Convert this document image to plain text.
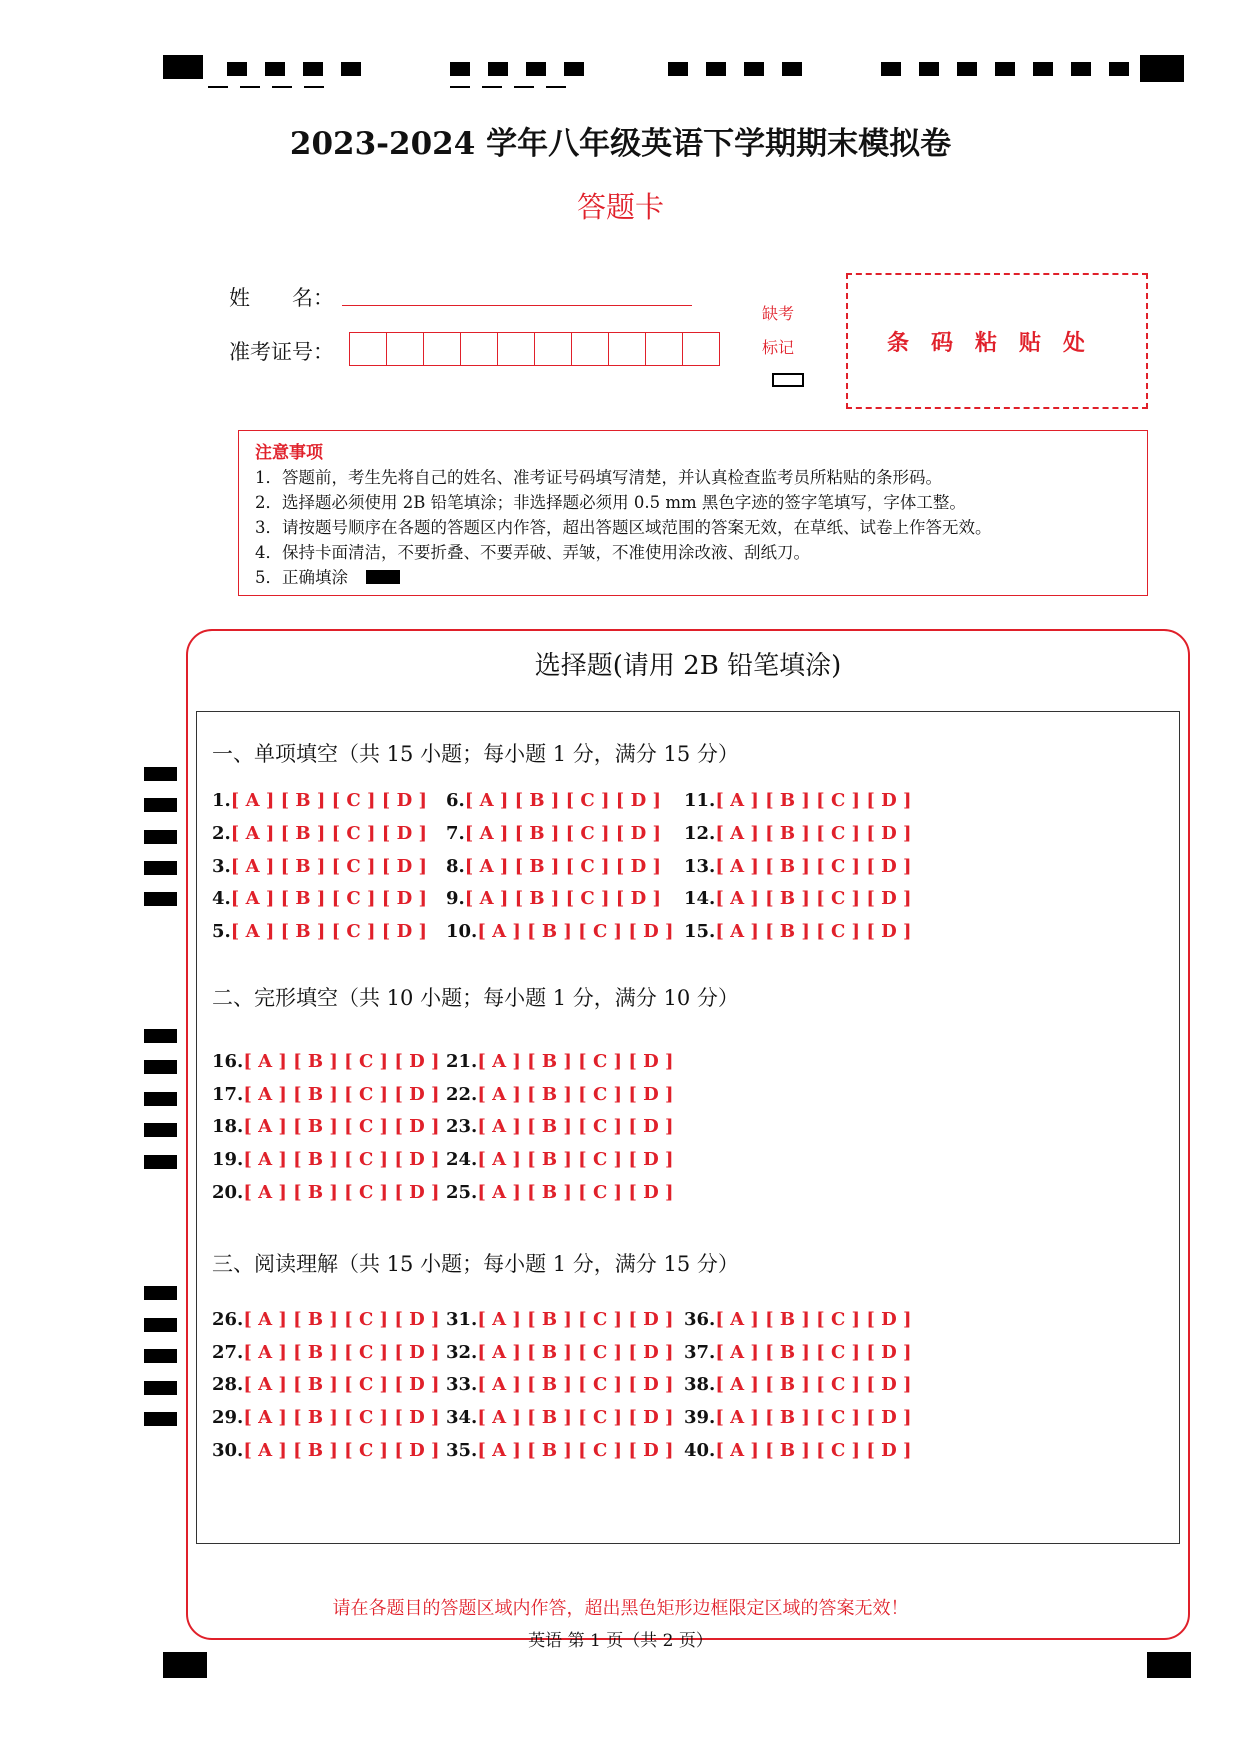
2023-2024 学年八年级英语下学期期末模拟卷
答题卡
姓　　名：
准考证号：
缺考
标记	条码粘贴处
注意事项
1．答题前，考生先将自己的姓名、准考证号码填写清楚，并认真检查监考员所粘贴的条形码。
2．选择题必须使用 2B 铅笔填涂；非选择题必须用 0.5 mm 黑色字迹的签字笔填写，字体工整。
3．请按题号顺序在各题的答题区内作答，超出答题区域范围的答案无效，在草纸、试卷上作答无效。
4．保持卡面清洁，不要折叠、不要弄破、弄皱，不准使用涂改液、刮纸刀。
5．正确填涂
选择题(请用 2B 铅笔填涂)
一、单项填空（共 15 小题；每小题 1 分，满分 15 分）
二、完形填空（共 10 小题；每小题 1 分，满分 10 分）
三、阅读理解（共 15 小题；每小题 1 分，满分 15 分）
1.[ A ] [ B ] [ C ] [ D ]
2.[ A ] [ B ] [ C ] [ D ]
3.[ A ] [ B ] [ C ] [ D ]
4.[ A ] [ B ] [ C ] [ D ]
5.[ A ] [ B ] [ C ] [ D ]
6.[ A ] [ B ] [ C ] [ D ]
7.[ A ] [ B ] [ C ] [ D ]
8.[ A ] [ B ] [ C ] [ D ]
9.[ A ] [ B ] [ C ] [ D ]
10.[ A ] [ B ] [ C ] [ D ]
11.[ A ] [ B ] [ C ] [ D ]
12.[ A ] [ B ] [ C ] [ D ]
13.[ A ] [ B ] [ C ] [ D ]
14.[ A ] [ B ] [ C ] [ D ]
15.[ A ] [ B ] [ C ] [ D ]
16.[ A ] [ B ] [ C ] [ D ]
17.[ A ] [ B ] [ C ] [ D ]
18.[ A ] [ B ] [ C ] [ D ]
19.[ A ] [ B ] [ C ] [ D ]
20.[ A ] [ B ] [ C ] [ D ]
21.[ A ] [ B ] [ C ] [ D ]
22.[ A ] [ B ] [ C ] [ D ]
23.[ A ] [ B ] [ C ] [ D ]
24.[ A ] [ B ] [ C ] [ D ]
25.[ A ] [ B ] [ C ] [ D ]
26.[ A ] [ B ] [ C ] [ D ]
27.[ A ] [ B ] [ C ] [ D ]
28.[ A ] [ B ] [ C ] [ D ]
29.[ A ] [ B ] [ C ] [ D ]
30.[ A ] [ B ] [ C ] [ D ]
31.[ A ] [ B ] [ C ] [ D ]
32.[ A ] [ B ] [ C ] [ D ]
33.[ A ] [ B ] [ C ] [ D ]
34.[ A ] [ B ] [ C ] [ D ]
35.[ A ] [ B ] [ C ] [ D ]
36.[ A ] [ B ] [ C ] [ D ]
37.[ A ] [ B ] [ C ] [ D ]
38.[ A ] [ B ] [ C ] [ D ]
39.[ A ] [ B ] [ C ] [ D ]
40.[ A ] [ B ] [ C ] [ D ]
请在各题目的答题区域内作答，超出黑色矩形边框限定区域的答案无效！
英语 第 1 页（共 2 页）
